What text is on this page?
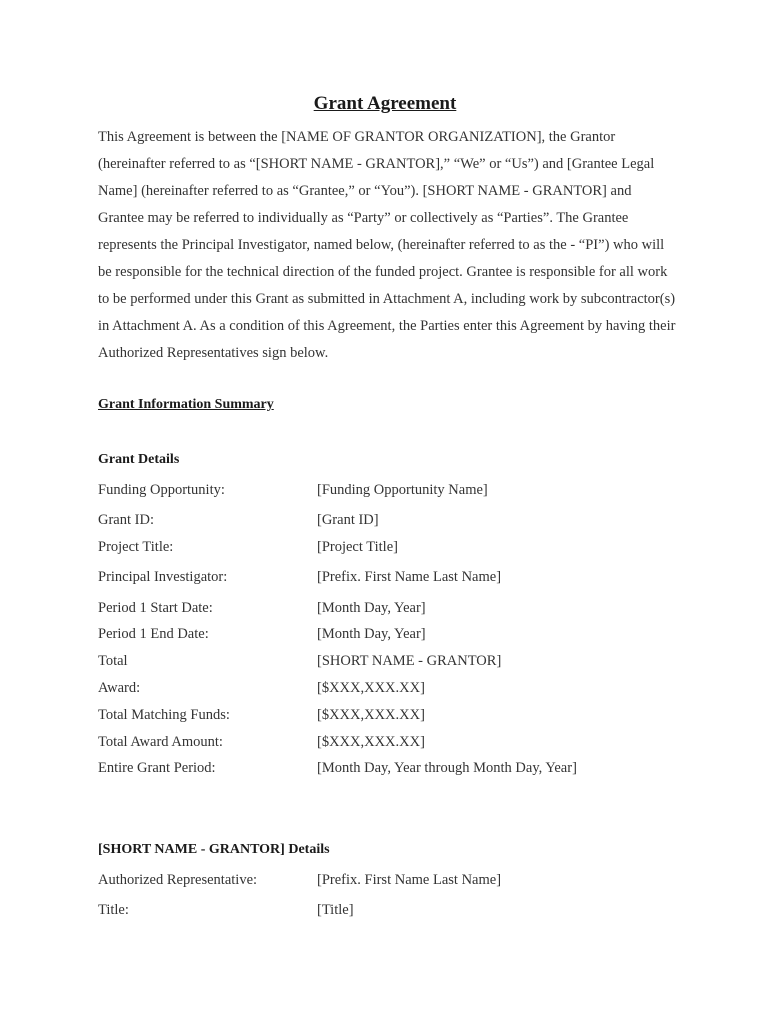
Grant Agreement
This Agreement is between the [NAME OF GRANTOR ORGANIZATION], the Grantor (hereinafter referred to as “[SHORT NAME - GRANTOR],” “We” or “Us”) and [Grantee Legal Name] (hereinafter referred to as “Grantee,” or “You”). [SHORT NAME - GRANTOR] and Grantee may be referred to individually as “Party” or collectively as “Parties”. The Grantee represents the Principal Investigator, named below, (hereinafter referred to as the - “PI”) who will be responsible for the technical direction of the funded project. Grantee is responsible for all work to be performed under this Grant as submitted in Attachment A, including work by subcontractor(s) in Attachment A. As a condition of this Agreement, the Parties enter this Agreement by having their Authorized Representatives sign below.
Grant Information Summary
Grant Details
Funding Opportunity:	[Funding Opportunity Name]
Grant ID:	[Grant ID]
Project Title:	[Project Title]
Principal Investigator:	[Prefix. First Name Last Name]
Period 1 Start Date:	[Month Day, Year]
Period 1 End Date:	[Month Day, Year]
Total	[SHORT NAME - GRANTOR]
Award:	[$XXX,XXX.XX]
Total Matching Funds:	[$XXX,XXX.XX]
Total Award Amount:	[$XXX,XXX.XX]
Entire Grant Period:	[Month Day, Year through Month Day, Year]
[SHORT NAME - GRANTOR] Details
Authorized Representative:	[Prefix. First Name Last Name]
Title:	[Title]
